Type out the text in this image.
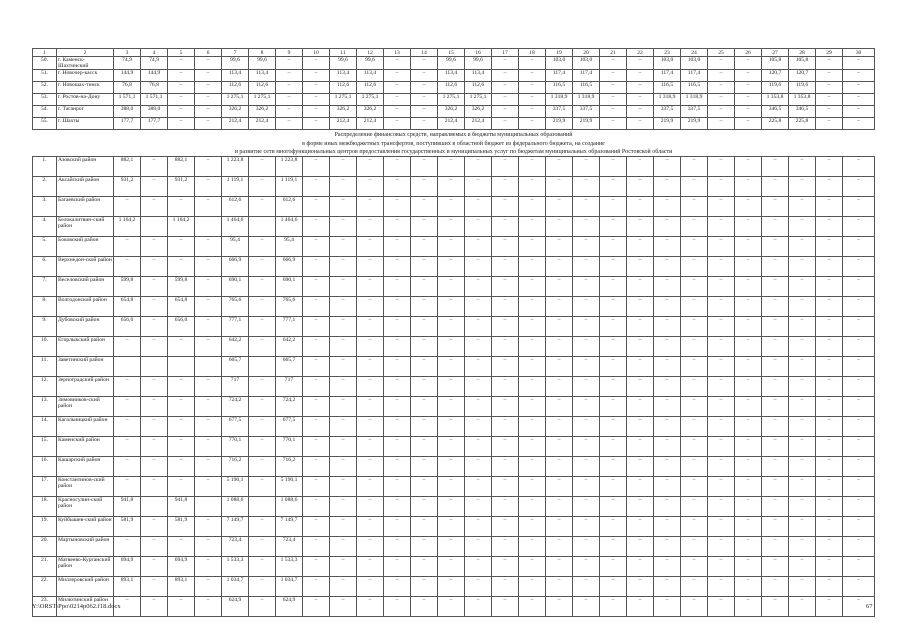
1	2	3	4	5	6	7	8	9	10	11	12	13	14	15	16	17	18	19	20	21	22	23	24	25	26	27	28	29	30
50.	г. Каменск-Шахтинский	74,9	74,9	–	–	99,6	99,6	–	–	99,6	99,6	–	–	99,6	99,6	–	–	103,0	103,0	–	–	103,0	103,0	–	–	105,8	105,8	–	–
51.	г. Новочер-касск	144,9	144,9	–	–	113,4	113,4	–	–	113,4	113,4	–	–	113,4	113,4	–	–	117,4	117,4	–	–	117,4	117,4	–	–	120,7	120,7	–	–
52.	г. Новошах-тинск	76,8	76,8	–	–	112,6	112,6	–	–	112,6	112,6	–	–	112,6	112,6	–	–	116,5	116,5	–	–	116,5	116,5	–	–	119,6	119,6	–	–
53.	г. Ростов-на-Дону	1 571,1	1 571,1	–	–	1 275,1	1 275,1	–	–	1 275,1	1 275,1	–	–	1 275,1	1 275,1	–	–	1 318,9	1 318,9	–	–	1 318,9	1 318,9	–	–	1 353,8	1 353,8	–	–
54.	г. Таганрог	388,0	388,0	–	–	326,2	326,2	–	–	326,2	326,2	–	–	326,2	326,2	–	–	337,5	337,5	–	–	337,5	337,5	–	–	346,5	346,5	–	–
55.	г. Шахты	177,7	177,7	–	–	212,4	212,4	–	–	212,4	212,4	–	–	212,4	212,4	–	–	219,9	219,9	–	–	219,9	219,9	–	–	225,8	225,8	–	–

Распределение финансовых средств, направляемых в бюджеты муниципальных образований
в форме иных межбюджетных трансфертов, поступивших в областной бюджет из федерального бюджета, на создание
и развитие сети многофункциональных центров предоставления государственных и муниципальных услуг по бюджетам муниципальных образований Ростовской области																													

1.	Азовский район	882,1	–	882,1	–	1 223,8	–	1 223,8	–	–	–	–	–	–	–	–	–	–	–	–	–	–	–	–	–	–	–	–	–
2.	Аксайский район	931,2	–	931,2	–	1 119,1	–	1 119,1	–	–	–	–	–	–	–	–	–	–	–	–	–	–	–	–	–	–	–	–	–
3.	Багаевский район	–	–	–	–	612,6	–	612,6	–	–	–	–	–	–	–	–	–	–	–	–	–	–	–	–	–	–	–	–	–
4.	Белокалитвин-ский район	1 164,2		1 164,2		1 464,6		1 464,6	–	–	–	–	–	–	–	–	–	–	–	–	–	–	–	–	–	–	–	–	–
5.	Боковский район	–	–	–	–	95,4	–	95,4	–	–	–	–	–	–	–	–	–	–	–	–	–	–	–	–	–	–	–	–	–
6.	Верхнедон-ской район	–	–	–	–	666,9	–	666,9	–	–	–	–	–	–	–	–	–	–	–	–	–	–	–	–	–	–	–	–	–
7.	Веселовский район	599,8	–	599,8	–	690,1	–	690,1	–	–	–	–	–	–	–	–	–	–	–	–	–	–	–	–	–	–	–	–	–
8.	Волгодонской район	654,8	–	654,8	–	765,6	–	765,6	–	–	–	–	–	–	–	–	–	–	–	–	–	–	–	–	–	–	–	–	–
9.	Дубовский район	656,0	–	656,0	–	777,1	–	777,1	–	–	–	–	–	–	–	–	–	–	–	–	–	–	–	–	–	–	–	–	–
10.	Егорлыкский район	–	–	–	–	642,2	–	642,2	–	–	–	–	–	–	–	–	–	–	–	–	–	–	–	–	–	–	–	–	–
11.	Заветинский район					665,7		665,7	–	–	–	–	–	–	–	–	–	–	–	–	–	–	–	–	–	–	–	–	–
12.	Зерноградский район	–	–	–	–	717	–	717	–	–	–	–	–	–	–	–	–	–	–	–	–	–	–	–	–	–	–	–	–
13.	Зимовников-ский район	–	–	–	–	724,2	–	724,2	–	–	–	–	–	–	–	–	–	–	–	–	–	–	–	–	–	–	–	–	–
14.	Кагальницкий район	–	–	–	–	677,5	–	677,5	–	–	–	–	–	–	–	–	–	–	–	–	–	–	–	–	–	–	–	–	–
15.	Каменский район	–	–	–	–	770,1	–	770,1	–	–	–	–	–	–	–	–	–	–	–	–	–	–	–	–	–	–	–	–	–
16.	Кашарский район	–	–	–	–	716,2	–	716,2	–	–	–	–	–	–	–	–	–	–	–	–	–	–	–	–	–	–	–	–	–
17.	Константинов-ский район	–	–	–	–	5 190,1	–	5 190,1	–	–	–	–	–	–	–	–	–	–	–	–	–	–	–	–	–	–	–	–	–
18.	Красносулин-ский район	941,8		941,8		1 088,6		1 088,6	–	–	–	–	–	–	–	–	–	–	–	–	–	–	–	–	–	–	–	–	–
19.	Куйбышев-ский район	581,9	–	581,9	–	7 149,7	–	7 149,7	–	–	–	–	–	–	–	–	–	–	–	–	–	–	–	–	–	–	–	–	–
20.	Мартыновский район	–	–	–	–	723,4	–	723,4	–	–	–	–	–	–	–	–	–	–	–	–	–	–	–	–	–	–	–	–	–
21.	Матвеево-Курганский район	694,9	–	694,9	–	1 533,3	–	1 533,3	–	–	–	–	–	–	–	–	–	–	–	–	–	–	–	–	–	–	–	–	–
22.	Миллеровский район	893,1	–	893,1	–	1 034,7	–	1 034,7	–	–	–	–	–	–	–	–	–	–	–	–	–	–	–	–	–	–	–	–	–
23.	Милютинский район	–	–	–	–	624,9	–	624,9	–	–	–	–	–	–	–	–	–	–	–	–	–	–	–	–	–	–	–	–	–
Y:\ORST\Ppo\0214p062.f18.docx	67
